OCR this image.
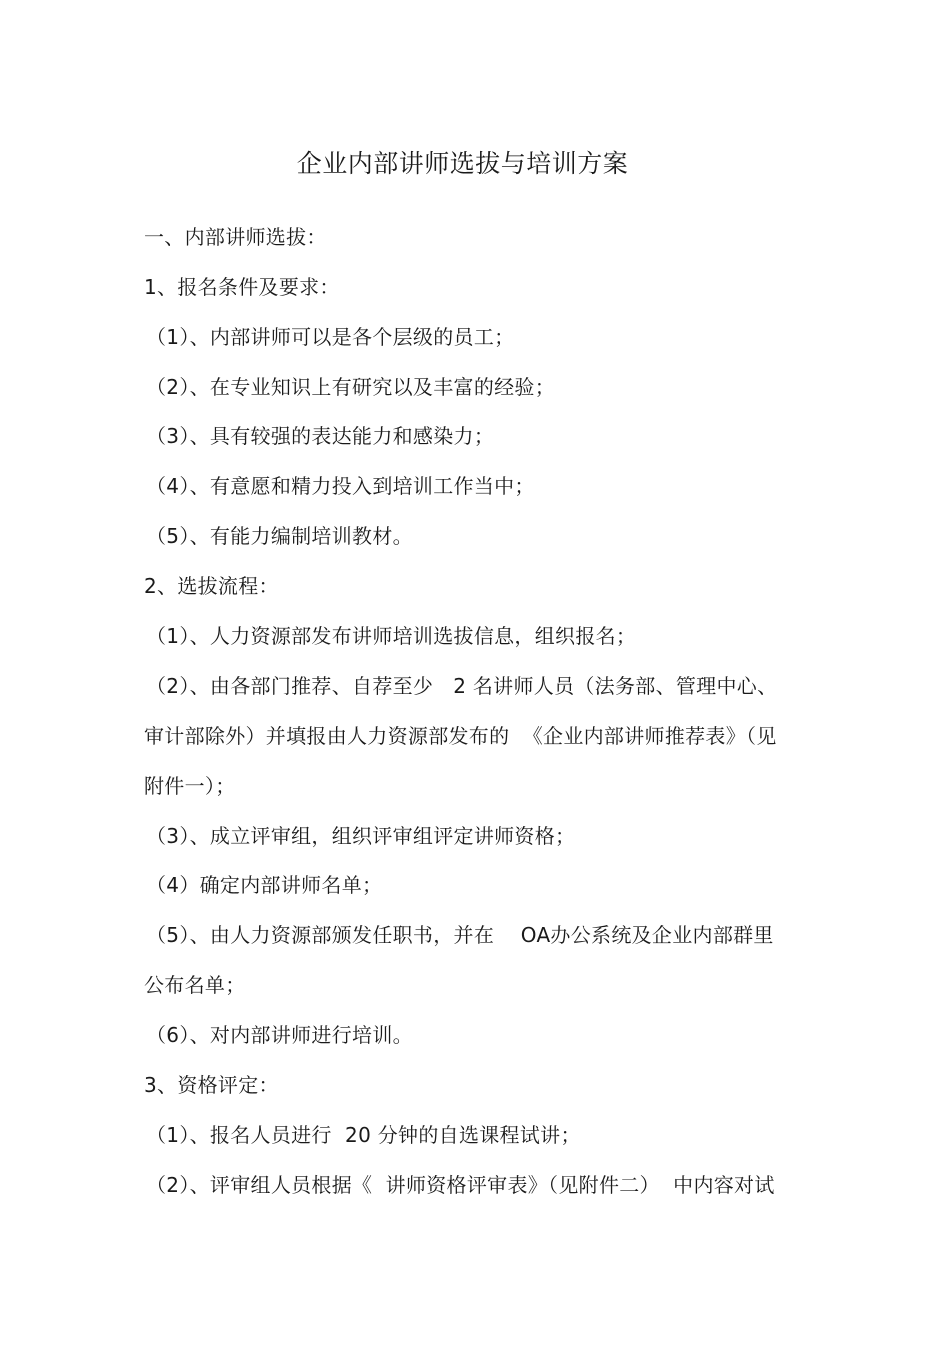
企业内部讲师选拔与培训方案
一、内部讲师选拔：
1、报名条件及要求：
（1）、内部讲师可以是各个层级的员工；
（2）、在专业知识上有研究以及丰富的经验；
（3）、具有较强的表达能力和感染力；
（4）、有意愿和精力投入到培训工作当中；
（5）、有能力编制培训教材。
2、选拔流程：
（1）、人力资源部发布讲师培训选拔信息，组织报名；
（2）、由各部门推荐、自荐至少   2 名讲师人员（法务部、管理中心、
审计部除外）并填报由人力资源部发布的  《企业内部讲师推荐表》（见
附件一）；
（3）、成立评审组，组织评审组评定讲师资格；
（4）确定内部讲师名单；
（5）、由人力资源部颁发任职书，并在    OA办公系统及企业内部群里
公布名单；
（6）、对内部讲师进行培训。
3、资格评定：
（1）、报名人员进行  20 分钟的自选课程试讲；
（2）、评审组人员根据《  讲师资格评审表》（见附件二）  中内容对试
